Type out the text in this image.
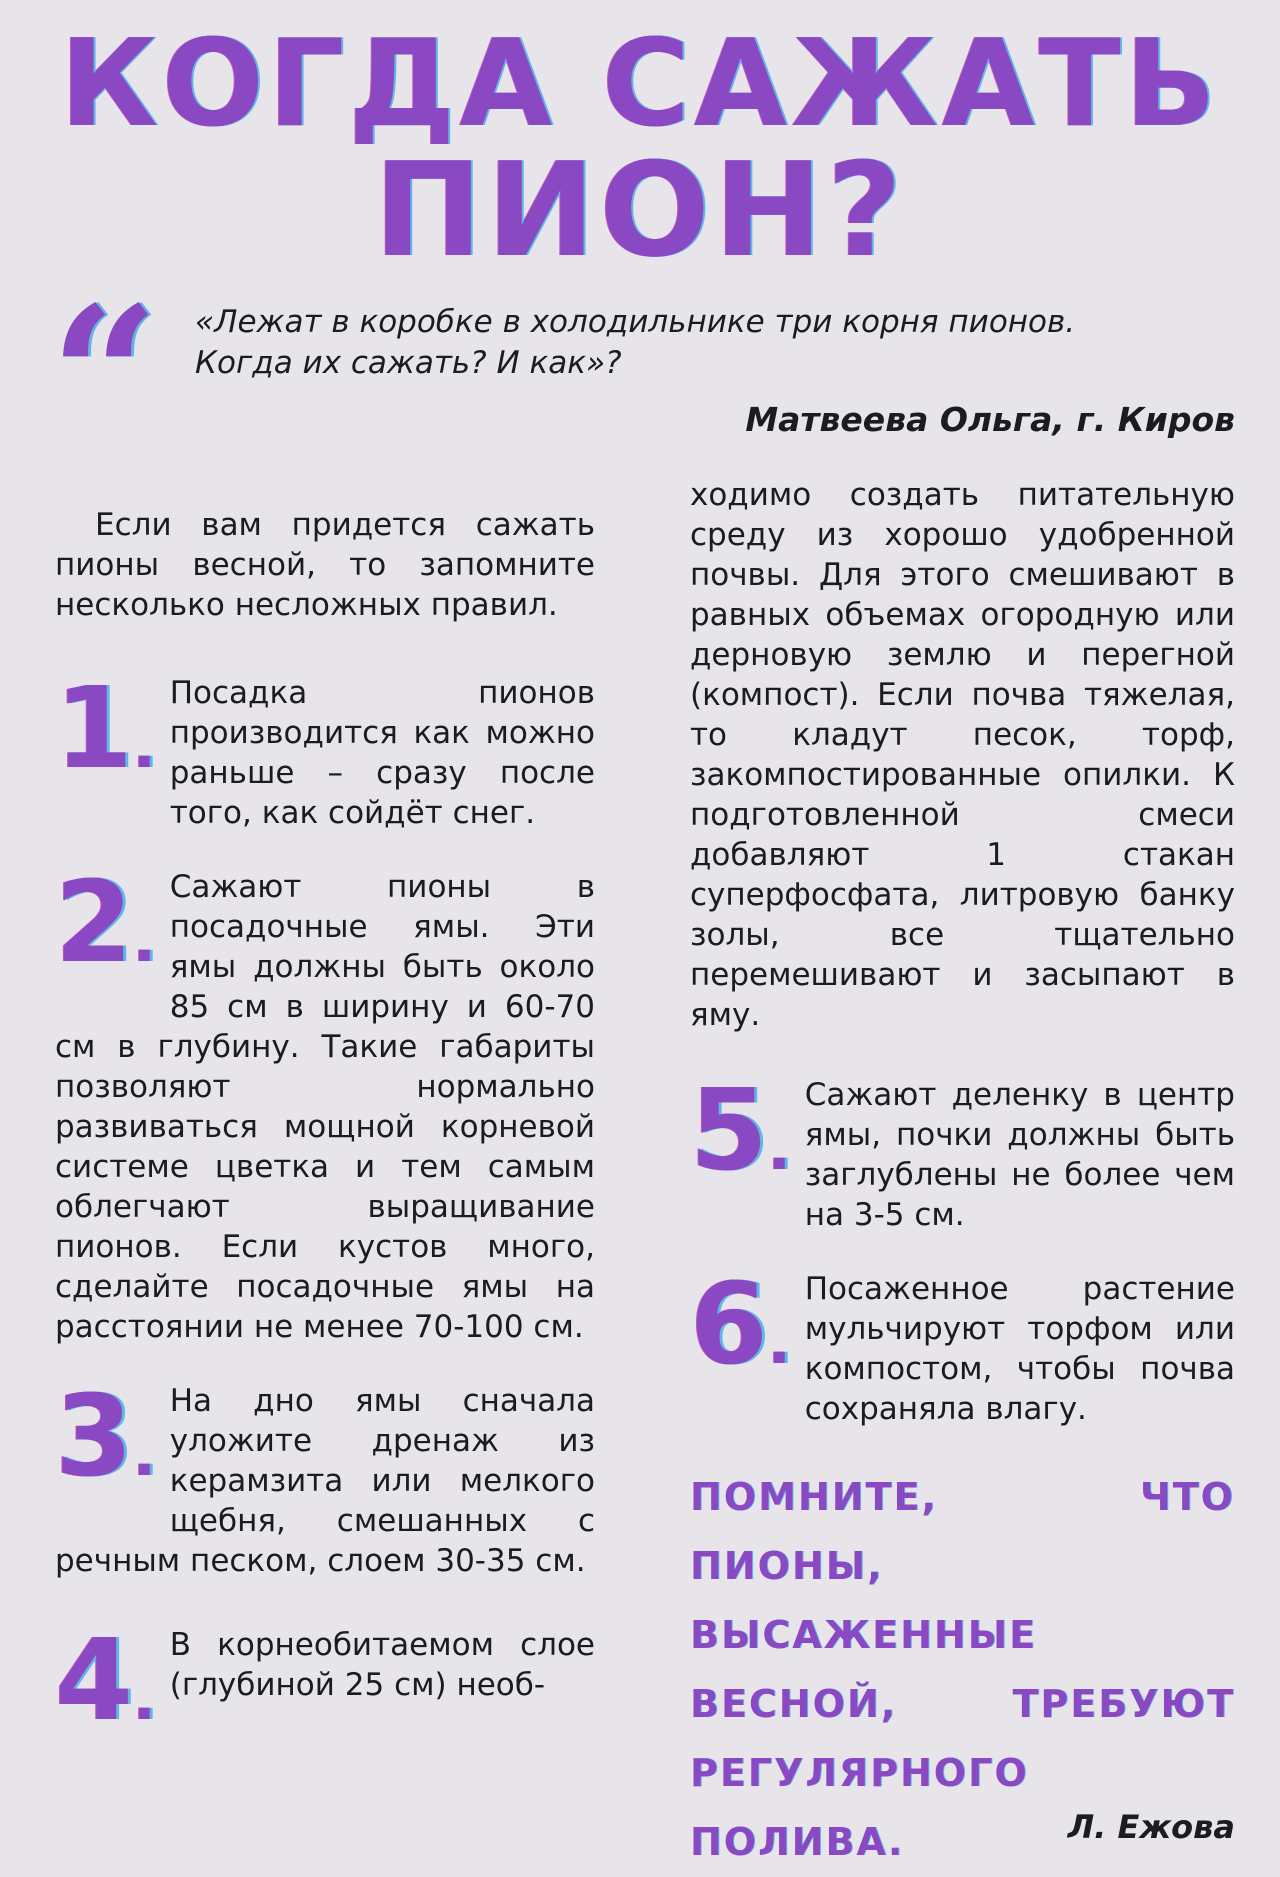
КОГДА САЖАТЬ
ПИОН?
“ «Лежат в коробке в холодильнике три корня пионов.

Когда их сажать? И как»?

Матвеева Ольга, г. Киров

Если вам придется сажать пионы весной, то запомните несколько несложных правил.

1.

Посадка пионов производится как можно раньше – сразу после того, как сойдёт снег.

2.

Сажают пионы в посадочные ямы. Эти ямы должны быть около 85 см в ширину и 60-70 см в глубину. Такие габариты позволяют нормально развиваться мощной корневой системе цветка и тем самым облегчают выращивание пионов. Если кустов много, сделайте посадочные ямы на расстоянии не менее 70-100 см.

3.

На дно ямы сначала уложите дренаж из керамзита или мелкого щебня, смешанных с речным песком, слоем 30-35 см.

4.

В корнеобитаемом слое (глубиной 25 см) необ-

ходимо создать питательную среду из хорошо удобренной почвы. Для этого смешивают в равных объемах огородную или дерновую землю и перегной (компост). Если почва тяжелая, то кладут песок, торф, закомпостированные опилки. К подготовленной смеси добавляют 1 стакан суперфосфата, литровую банку золы, все тщательно перемешивают и засыпают в яму.

5.

Сажают деленку в центр ямы, почки должны быть заглублены не более чем на 3-5 см.

6.

Посаженное растение мульчируют торфом или компостом, чтобы почва сохраняла влагу.

ПОМНИТЕ, ЧТО ПИОНЫ, ВЫСАЖЕННЫЕ ВЕСНОЙ, ТРЕБУЮТ РЕГУЛЯРНОГО ПОЛИВА.	Л. Ежова
